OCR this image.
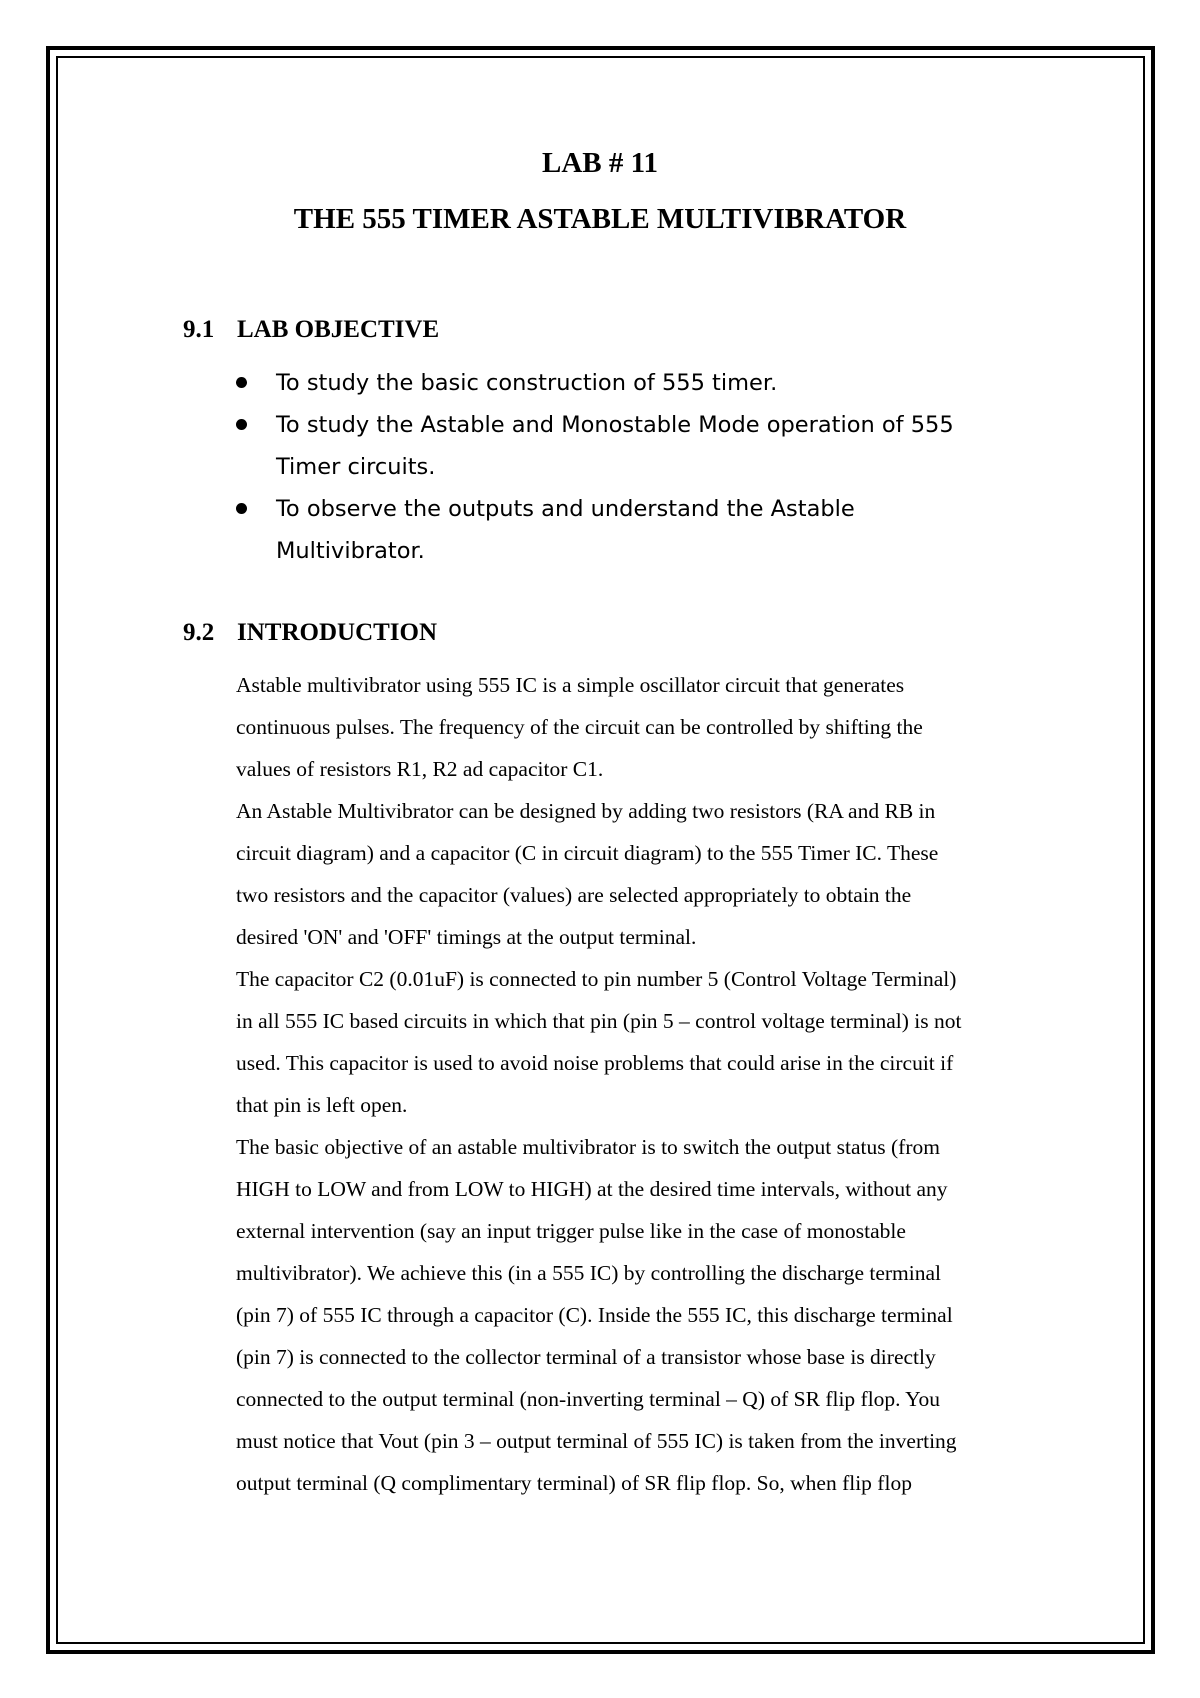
LAB # 11
THE 555 TIMER ASTABLE MULTIVIBRATOR
9.1 LAB OBJECTIVE
To study the basic construction of 555 timer.
To study the Astable and Monostable Mode operation of 555
Timer circuits.
To observe the outputs and understand the Astable
Multivibrator.
9.2 INTRODUCTION
Astable multivibrator using 555 IC is a simple oscillator circuit that generates
continuous pulses. The frequency of the circuit can be controlled by shifting the
values of resistors R1, R2 ad capacitor C1.
An Astable Multivibrator can be designed by adding two resistors (RA and RB in
circuit diagram) and a capacitor (C in circuit diagram) to the 555 Timer IC. These
two resistors and the capacitor (values) are selected appropriately to obtain the
desired 'ON' and 'OFF' timings at the output terminal.
The capacitor C2 (0.01uF) is connected to pin number 5 (Control Voltage Terminal)
in all 555 IC based circuits in which that pin (pin 5 – control voltage terminal) is not
used. This capacitor is used to avoid noise problems that could arise in the circuit if
that pin is left open.
The basic objective of an astable multivibrator is to switch the output status (from
HIGH to LOW and from LOW to HIGH) at the desired time intervals, without any
external intervention (say an input trigger pulse like in the case of monostable
multivibrator). We achieve this (in a 555 IC) by controlling the discharge terminal
(pin 7) of 555 IC through a capacitor (C). Inside the 555 IC, this discharge terminal
(pin 7) is connected to the collector terminal of a transistor whose base is directly
connected to the output terminal (non-inverting terminal – Q) of SR flip flop. You
must notice that Vout (pin 3 – output terminal of 555 IC) is taken from the inverting
output terminal (Q complimentary terminal) of SR flip flop. So, when flip flop
